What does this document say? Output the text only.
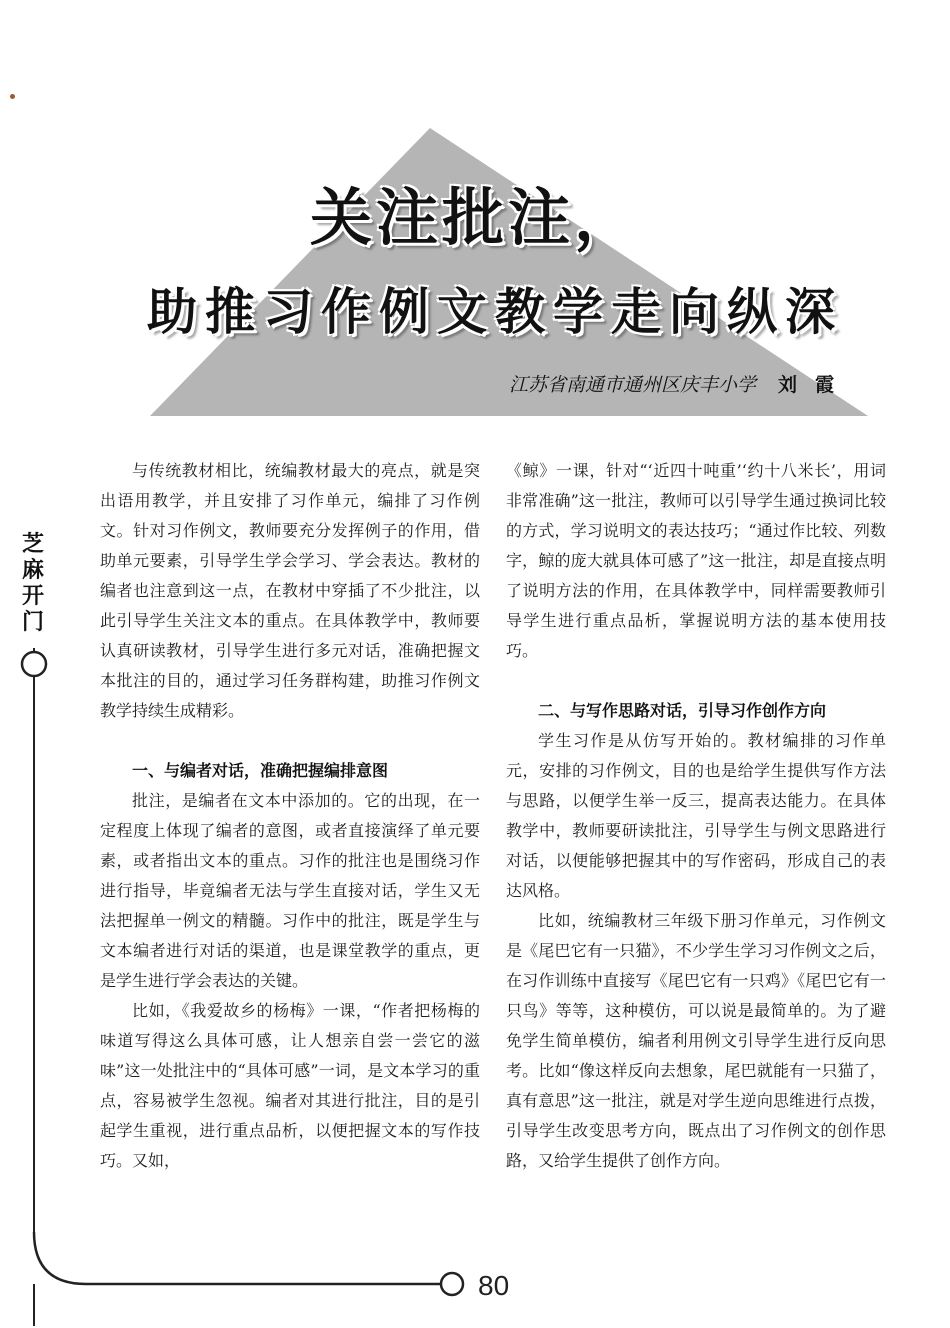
关注批注，
助推习作例文教学走向纵深
江苏省南通市通州区庆丰小学 刘霞
芝麻开门
80

与传统教材相比，统编教材最大的亮点，就是突出语用教学，并且安排了习作单元，编排了习作例文。针对习作例文，教师要充分发挥例子的作用，借助单元要素，引导学生学会学习、学会表达。教材的编者也注意到这一点，在教材中穿插了不少批注，以此引导学生关注文本的重点。在具体教学中，教师要认真研读教材，引导学生进行多元对话，准确把握文本批注的目的，通过学习任务群构建，助推习作例文教学持续生成精彩。

一、与编者对话，准确把握编排意图

批注，是编者在文本中添加的。它的出现，在一定程度上体现了编者的意图，或者直接演绎了单元要素，或者指出文本的重点。习作的批注也是围绕习作进行指导，毕竟编者无法与学生直接对话，学生又无法把握单一例文的精髓。习作中的批注，既是学生与文本编者进行对话的渠道，也是课堂教学的重点，更是学生进行学会表达的关键。

比如，《我爱故乡的杨梅》一课，“作者把杨梅的味道写得这么具体可感，让人想亲自尝一尝它的滋味”这一处批注中的“具体可感”一词，是文本学习的重点，容易被学生忽视。编者对其进行批注，目的是引起学生重视，进行重点品析，以便把握文本的写作技巧。又如，

《鲸》一课，针对“‘近四十吨重’‘约十八米长’，用词非常准确”这一批注，教师可以引导学生通过换词比较的方式，学习说明文的表达技巧；“通过作比较、列数字，鲸的庞大就具体可感了”这一批注，却是直接点明了说明方法的作用，在具体教学中，同样需要教师引导学生进行重点品析，掌握说明方法的基本使用技巧。

二、与写作思路对话，引导习作创作方向

学生习作是从仿写开始的。教材编排的习作单元，安排的习作例文，目的也是给学生提供写作方法与思路，以便学生举一反三，提高表达能力。在具体教学中，教师要研读批注，引导学生与例文思路进行对话，以便能够把握其中的写作密码，形成自己的表达风格。

比如，统编教材三年级下册习作单元，习作例文是《尾巴它有一只猫》，不少学生学习习作例文之后，在习作训练中直接写《尾巴它有一只鸡》《尾巴它有一只鸟》等等，这种模仿，可以说是最简单的。为了避免学生简单模仿，编者利用例文引导学生进行反向思考。比如“像这样反向去想象，尾巴就能有一只猫了，真有意思”这一批注，就是对学生逆向思维进行点拨，引导学生改变思考方向，既点出了习作例文的创作思路，又给学生提供了创作方向。
